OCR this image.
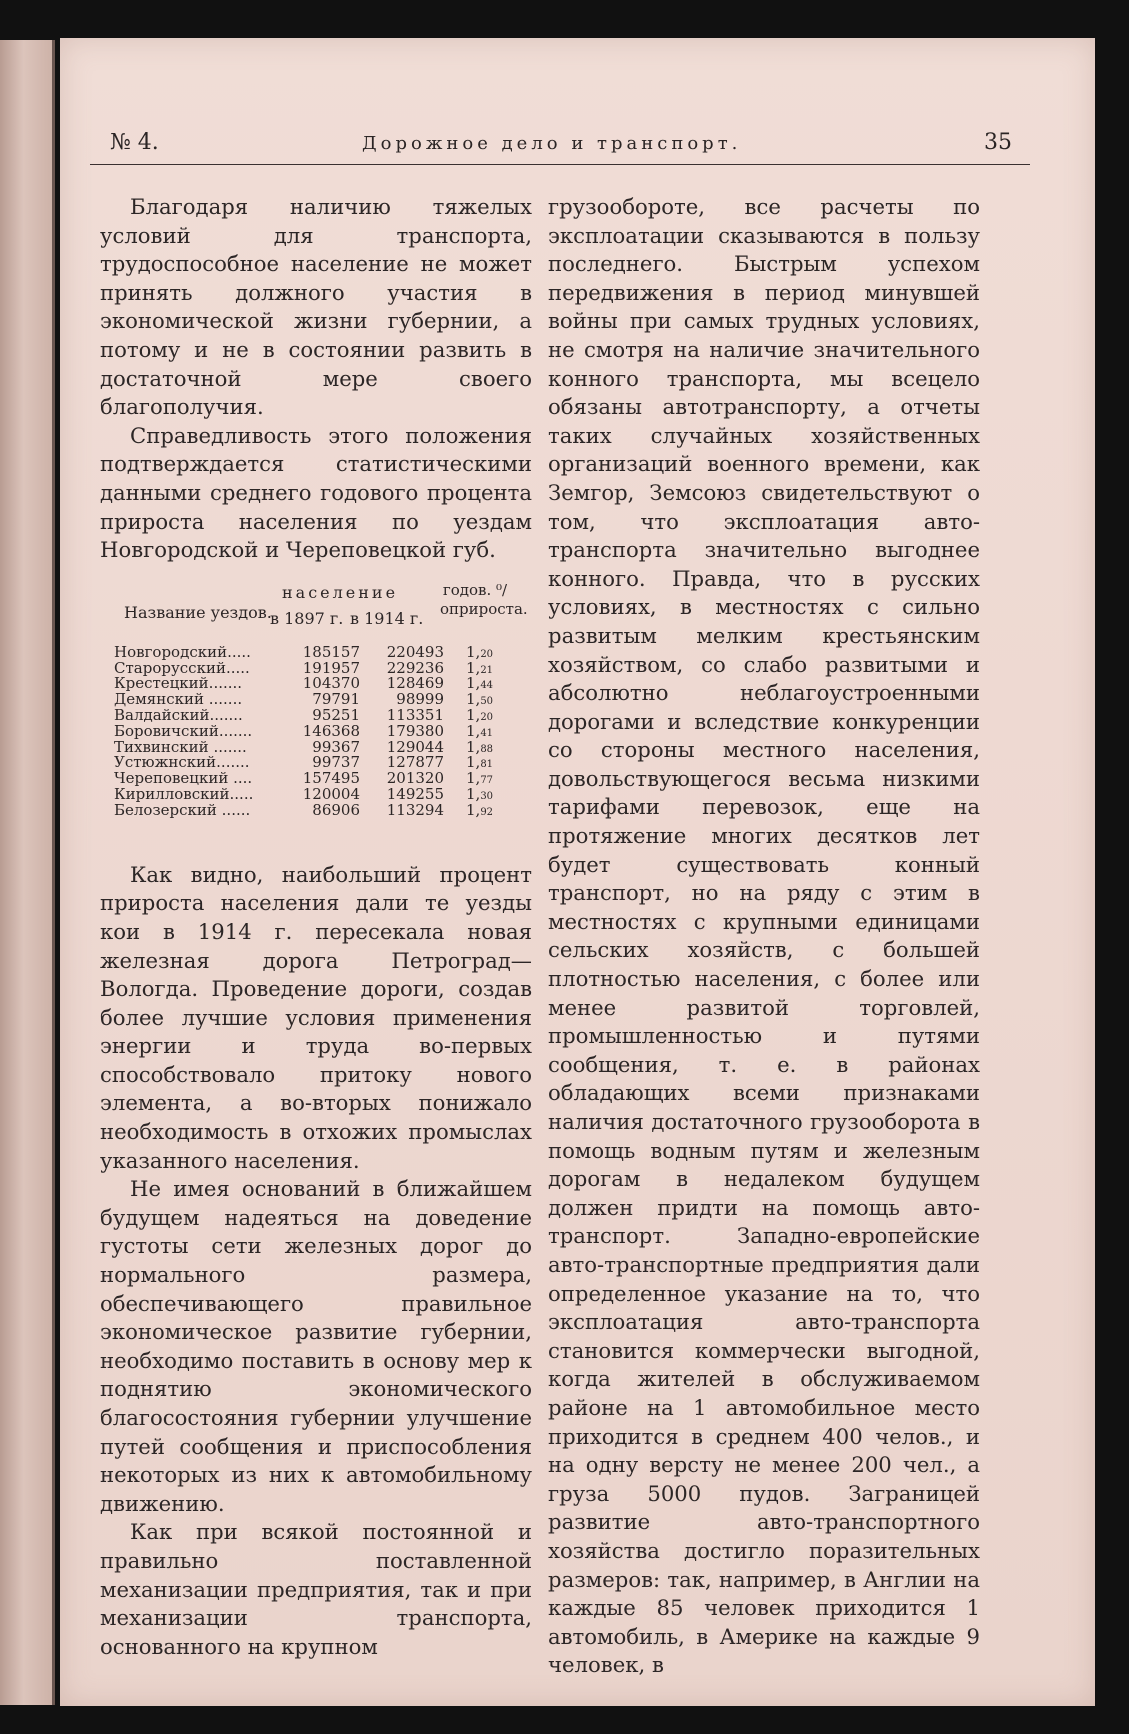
№ 4.	Дорожное дело и транспорт.	35

Благодаря наличию тяжелых условий для транспорта, трудоспособное население не может принять должного участия в экономической жизни губернии, а потому и не в состоянии развить в достаточной мере своего благополучия.

Справедливость этого положения подтверждается статистическими данными среднего годового процента прироста населения по уездам Новгородской и Череповецкой губ.

Название уездов.
население
в 1897 г. в 1914 г.
годов. ⁰/оприроста.
Новгородский.....	185157	220493 1,20
Старорусский.....	191957	229236 1,21
Крестецкий.......	104370	128469 1,44
Демянский .......	79791	98999 1,50
Валдайский.......	95251	113351 1,20
Боровичский.......	146368	179380 1,41
Тихвинский .......	99367	129044 1,88
Устюжнский.......	99737	127877 1,81
Череповецкий ....	157495	201320 1,77
Кирилловский.....	120004	149255 1,30
Белозерский ......	86906	113294 1,92

Как видно, наибольший процент прироста населения дали те уезды кои в 1914 г. пересекала новая железная дорога Петроград—Вологда. Проведение дороги, создав более лучшие условия применения энергии и труда во-первых способствовало притоку нового элемента, а во-вторых понижало необходимость в отхожих промыслах указанного населения.

Не имея оснований в ближайшем будущем надеяться на доведение густоты сети железных дорог до нормального размера, обеспечивающего правильное экономическое развитие губернии, необходимо поставить в основу мер к поднятию экономического благосостояния губернии улучшение путей сообщения и приспособления некоторых из них к автомобильному движению.

Как при всякой постоянной и правильно поставленной механизации предприятия, так и при механизации транспорта, основанного на крупном

грузообороте, все расчеты по эксплоатации сказываются в пользу последнего. Быстрым успехом передвижения в период минувшей войны при самых трудных условиях, не смотря на наличие значительного конного транспорта, мы всецело обязаны автотранспорту, а отчеты таких случайных хозяйственных организаций военного времени, как Земгор, Земсоюз свидетельствуют о том, что эксплоатация авто-транспорта значительно выгоднее конного. Правда, что в русских условиях, в местностях с сильно развитым мелким крестьянским хозяйством, со слабо развитыми и абсолютно неблагоустроенными дорогами и вследствие конкуренции со стороны местного населения, довольствующегося весьма низкими тарифами перевозок, еще на протяжение многих десятков лет будет существовать конный транспорт, но на ряду с этим в местностях с крупными единицами сельских хозяйств, с большей плотностью населения, с более или менее развитой торговлей, промышленностью и путями сообщения, т. е. в районах обладающих всеми признаками наличия достаточного грузооборота в помощь водным путям и железным дорогам в недалеком будущем должен придти на помощь авто-транспорт. Западно-европейские авто-транспортные предприятия дали определенное указание на то, что эксплоатация авто-транспорта становится коммерчески выгодной, когда жителей в обслуживаемом районе на 1 автомобильное место приходится в среднем 400 челов., и на одну версту не менее 200 чел., а груза 5000 пудов. Заграницей развитие авто-транспортного хозяйства достигло поразительных размеров: так, например, в Англии на каждые 85 человек приходится 1 автомобиль, в Америке на каждые 9 человек, в
